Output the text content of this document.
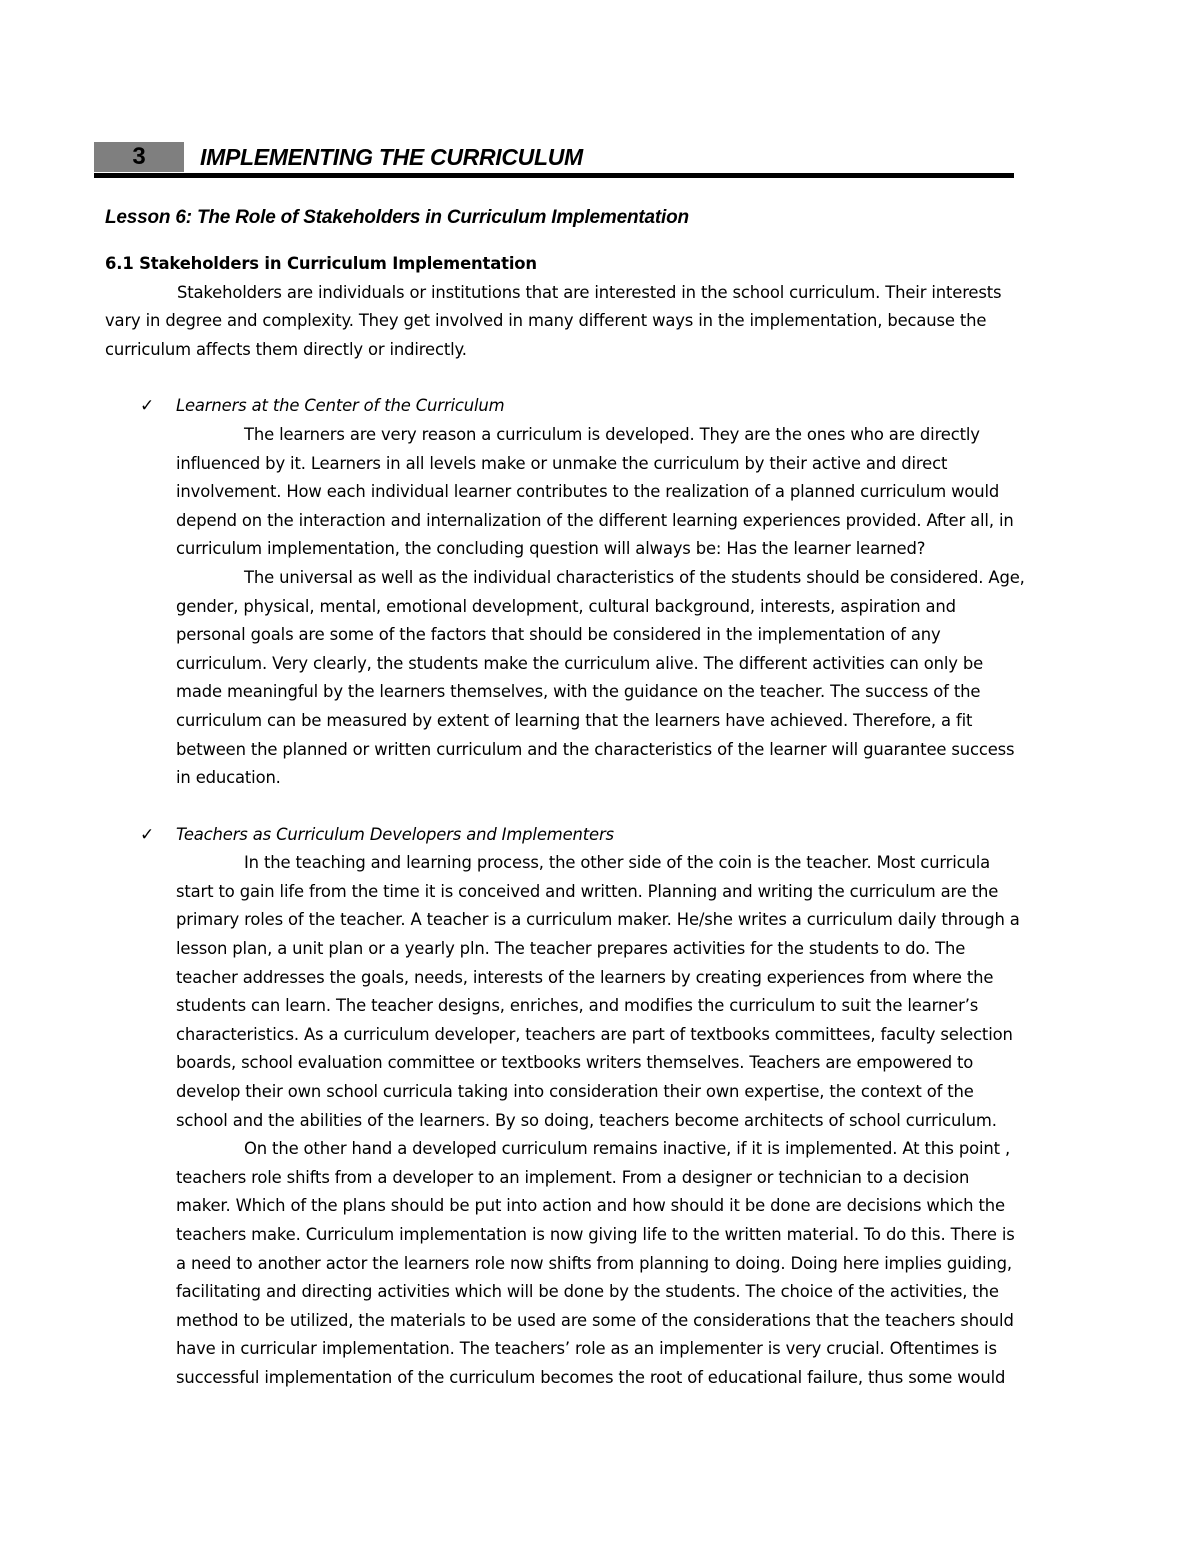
3	IMPLEMENTING THE CURRICULUM
Lesson 6: The Role of Stakeholders in Curriculum Implementation
6.1 Stakeholders in Curriculum Implementation
Stakeholders are individuals or institutions that are interested in the school curriculum. Their interests
vary in degree and complexity. They get involved in many different ways in the implementation, because the
curriculum affects them directly or indirectly.
✓ Learners at the Center of the Curriculum
The learners are very reason a curriculum is developed. They are the ones who are directly
influenced by it. Learners in all levels make or unmake the curriculum by their active and direct
involvement. How each individual learner contributes to the realization of a planned curriculum would
depend on the interaction and internalization of the different learning experiences provided. After all, in
curriculum implementation, the concluding question will always be: Has the learner learned?
The universal as well as the individual characteristics of the students should be considered. Age,
gender, physical, mental, emotional development, cultural background, interests, aspiration and
personal goals are some of the factors that should be considered in the implementation of any
curriculum. Very clearly, the students make the curriculum alive. The different activities can only be
made meaningful by the learners themselves, with the guidance on the teacher. The success of the
curriculum can be measured by extent of learning that the learners have achieved. Therefore, a fit
between the planned or written curriculum and the characteristics of the learner will guarantee success
in education.
✓ Teachers as Curriculum Developers and Implementers
In the teaching and learning process, the other side of the coin is the teacher. Most curricula
start to gain life from the time it is conceived and written. Planning and writing the curriculum are the
primary roles of the teacher. A teacher is a curriculum maker. He/she writes a curriculum daily through a
lesson plan, a unit plan or a yearly pln. The teacher prepares activities for the students to do. The
teacher addresses the goals, needs, interests of the learners by creating experiences from where the
students can learn. The teacher designs, enriches, and modifies the curriculum to suit the learner’s
characteristics. As a curriculum developer, teachers are part of textbooks committees, faculty selection
boards, school evaluation committee or textbooks writers themselves. Teachers are empowered to
develop their own school curricula taking into consideration their own expertise, the context of the
school and the abilities of the learners. By so doing, teachers become architects of school curriculum.
On the other hand a developed curriculum remains inactive, if it is implemented. At this point ,
teachers role shifts from a developer to an implement. From a designer or technician to a decision
maker. Which of the plans should be put into action and how should it be done are decisions which the
teachers make. Curriculum implementation is now giving life to the written material. To do this. There is
a need to another actor the learners role now shifts from planning to doing. Doing here implies guiding,
facilitating and directing activities which will be done by the students. The choice of the activities, the
method to be utilized, the materials to be used are some of the considerations that the teachers should
have in curricular implementation. The teachers’ role as an implementer is very crucial. Oftentimes is
successful implementation of the curriculum becomes the root of educational failure, thus some would
